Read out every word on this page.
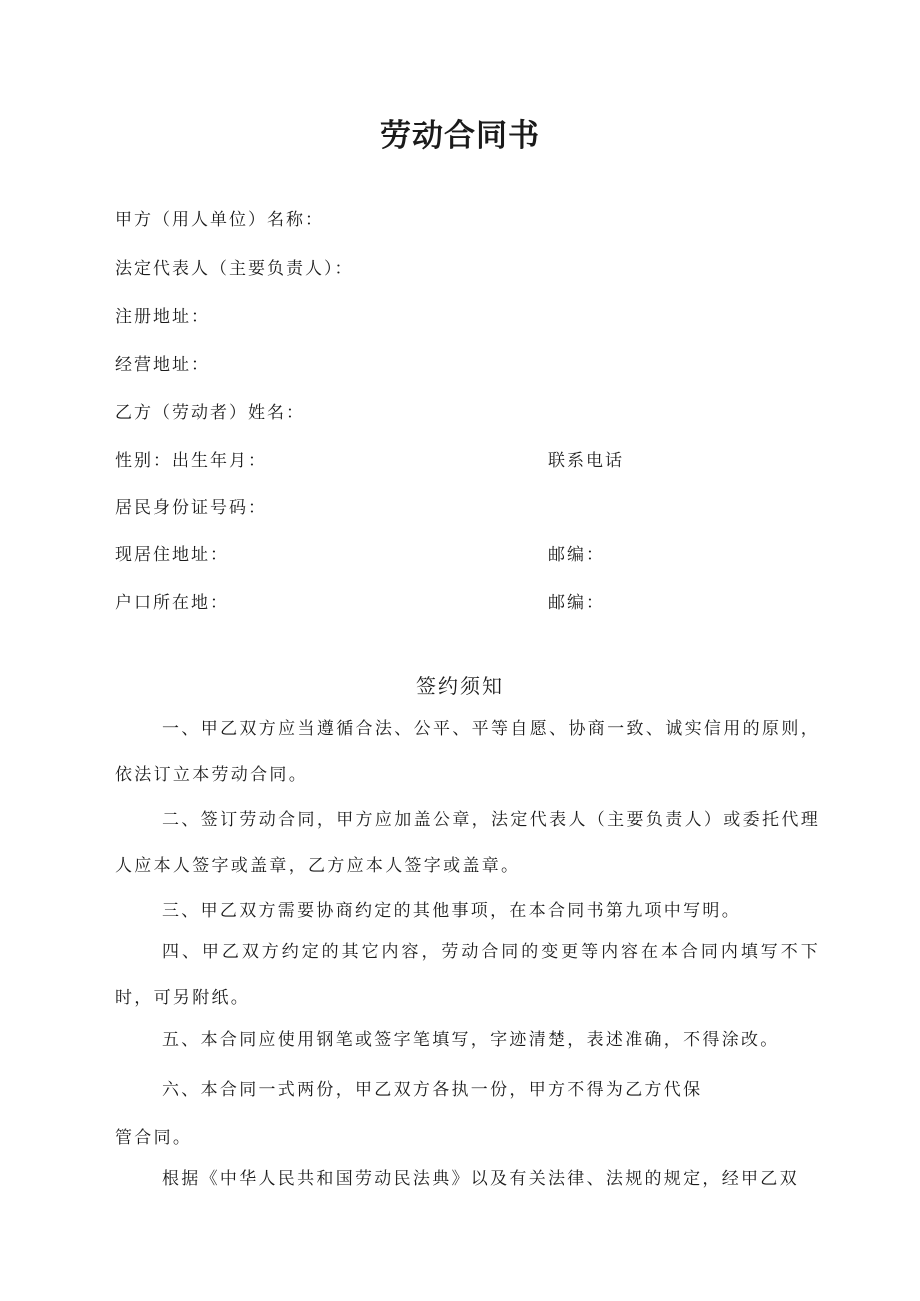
劳动合同书
甲方（用人单位）名称：
法定代表人（主要负责人）：
注册地址：
经营地址：
乙方（劳动者）姓名：
性别：出生年月：	联系电话
居民身份证号码：
现居住地址：	邮编：
户口所在地：	邮编：
签约须知
一、甲乙双方应当遵循合法、公平、平等自愿、协商一致、诚实信用的原则，依法订立本劳动合同。
二、签订劳动合同，甲方应加盖公章，法定代表人（主要负责人）或委托代理人应本人签字或盖章，乙方应本人签字或盖章。
三、甲乙双方需要协商约定的其他事项，在本合同书第九项中写明。
四、甲乙双方约定的其它内容，劳动合同的变更等内容在本合同内填写不下时，可另附纸。
五、本合同应使用钢笔或签字笔填写，字迹清楚，表述准确，不得涂改。
六、本合同一式两份，甲乙双方各执一份，甲方不得为乙方代保
管合同。
根据《中华人民共和国劳动民法典》以及有关法律、法规的规定，经甲乙双
